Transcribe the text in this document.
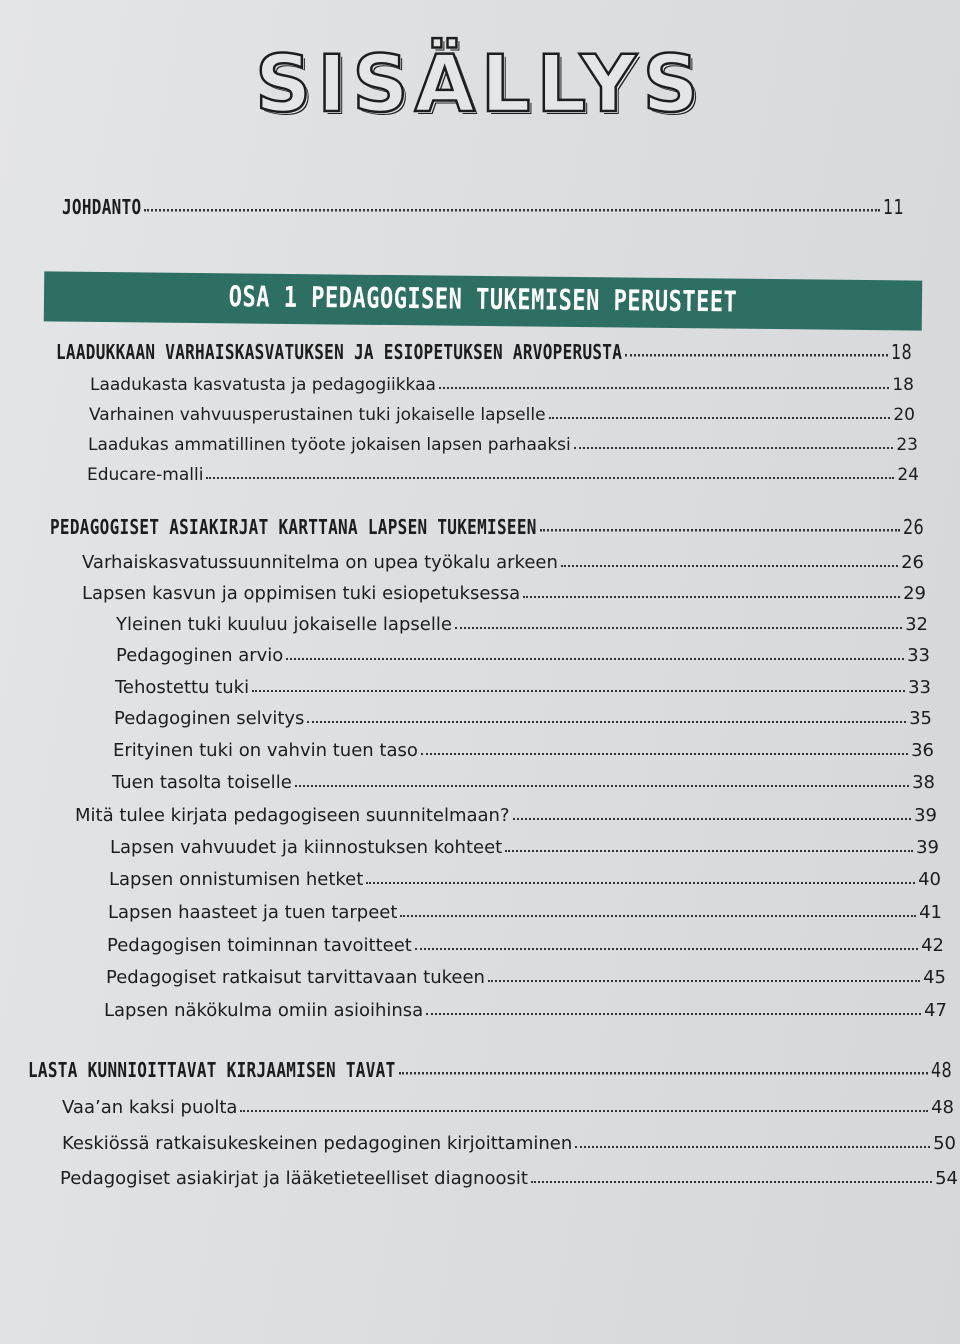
SISÄLLYS
JOHDANTO	11
OSA 1 PEDAGOGISEN TUKEMISEN PERUSTEET
LAADUKKAAN VARHAISKASVATUKSEN JA ESIOPETUKSEN ARVOPERUSTA	18
Laadukasta kasvatusta ja pedagogiikkaa	18
Varhainen vahvuusperustainen tuki jokaiselle lapselle	20
Laadukas ammatillinen työote jokaisen lapsen parhaaksi	23
Educare-malli	24
PEDAGOGISET ASIAKIRJAT KARTTANA LAPSEN TUKEMISEEN	26
Varhaiskasvatussuunnitelma on upea työkalu arkeen	26
Lapsen kasvun ja oppimisen tuki esiopetuksessa	29
Yleinen tuki kuuluu jokaiselle lapselle	32
Pedagoginen arvio	33
Tehostettu tuki	33
Pedagoginen selvitys	35
Erityinen tuki on vahvin tuen taso	36
Tuen tasolta toiselle	38
Mitä tulee kirjata pedagogiseen suunnitelmaan?	39
Lapsen vahvuudet ja kiinnostuksen kohteet	39
Lapsen onnistumisen hetket	40
Lapsen haasteet ja tuen tarpeet	41
Pedagogisen toiminnan tavoitteet	42
Pedagogiset ratkaisut tarvittavaan tukeen	45
Lapsen näkökulma omiin asioihinsa	47
LASTA KUNNIOITTAVAT KIRJAAMISEN TAVAT	48
Vaa’an kaksi puolta	48
Keskiössä ratkaisukeskeinen pedagoginen kirjoittaminen	50
Pedagogiset asiakirjat ja lääketieteelliset diagnoosit	54
